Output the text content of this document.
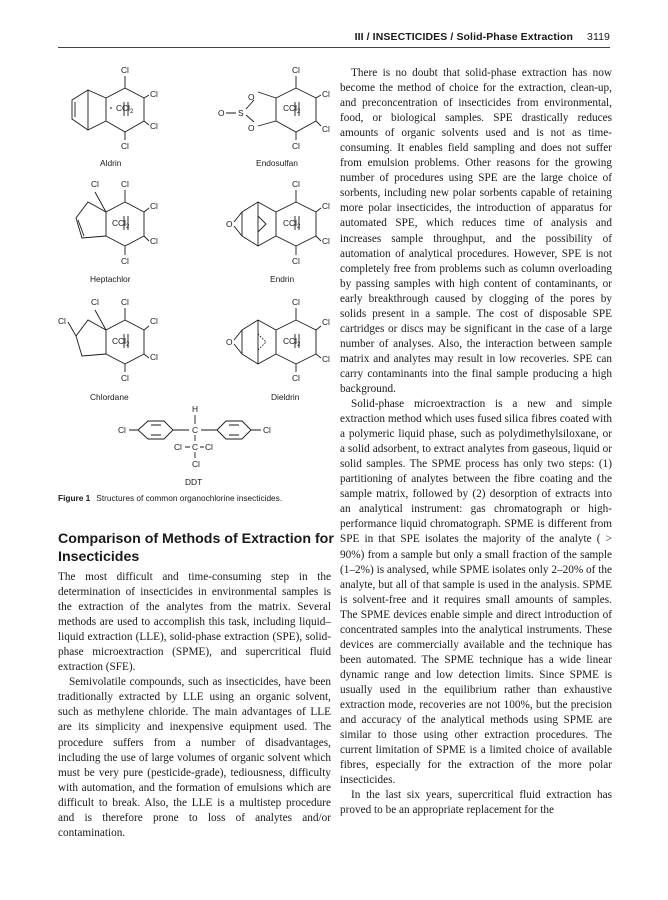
III / INSECTICIDES / Solid-Phase Extraction 3119
Cl
Cl
Cl
Cl
CCl$_2$
Aldrin
Cl
Cl
Cl
Cl
CCl$_2$
O
O
S
O
Endosulfan
Cl	Cl
Cl
Cl
Cl
CCl$_2$
Heptachlor
Cl
Cl
Cl
Cl
CCl$_2$
O
Endrin
Cl	Cl
Cl	Cl
Cl
Cl
CCl$_2$
Chlordane
Cl
Cl
Cl
Cl
CCl$_2$
O
Dieldrin
Cl	Cl
H
C
Cl C Cl
Cl
DDT
Figure 1 Structures of common organochlorine insecticides.
Comparison of Methods of Extraction for Insecticides

The most difficult and time-consuming step in the determination of insecticides in environmental samples is the extraction of the analytes from the matrix. Several methods are used to accomplish this task, including liquid–liquid extraction (LLE), solid-phase extraction (SPE), solid-phase microextraction (SPME), and supercritical fluid extraction (SFE).

Semivolatile compounds, such as insecticides, have been traditionally extracted by LLE using an organic solvent, such as methylene chloride. The main advantages of LLE are its simplicity and inexpensive equipment used. The procedure suffers from a number of disadvantages, including the use of large volumes of organic solvent which must be very pure (pesticide-grade), tediousness, difficulty with automation, and the formation of emulsions which are difficult to break. Also, the LLE is a multistep procedure and is therefore prone to loss of analytes and/or contamination.

There is no doubt that solid-phase extraction has now become the method of choice for the extraction, clean-up, and preconcentration of insecticides from environmental, food, or biological samples. SPE drastically reduces amounts of organic solvents used and is not as time-consuming. It enables field sampling and does not suffer from emulsion problems. Other reasons for the growing number of procedures using SPE are the large choice of sorbents, including new polar sorbents capable of retaining more polar insecticides, the introduction of apparatus for automated SPE, which reduces time of analysis and increases sample throughput, and the possibility of automation of analytical procedures. However, SPE is not completely free from problems such as column overloading by passing samples with high content of contaminants, or early breakthrough caused by clogging of the pores by solids present in a sample. The cost of disposable SPE cartridges or discs may be significant in the case of a large number of analyses. Also, the interaction between sample matrix and analytes may result in low recoveries. SPE can carry contaminants into the final sample producing a high background.

Solid-phase microextraction is a new and simple extraction method which uses fused silica fibres coated with a polymeric liquid phase, such as polydimethylsiloxane, or a solid adsorbent, to extract analytes from gaseous, liquid or solid samples. The SPME process has only two steps: (1) partitioning of analytes between the fibre coating and the sample matrix, followed by (2) desorption of extracts into an analytical instrument: gas chromatograph or high-performance liquid chromatograph. SPME is different from SPE in that SPE isolates the majority of the analyte ( > 90%) from a sample but only a small fraction of the sample (1–2%) is analysed, while SPME isolates only 2–20% of the analyte, but all of that sample is used in the analysis. SPME is solvent-free and it requires small amounts of samples. The SPME devices enable simple and direct introduction of concentrated samples into the analytical instruments. These devices are commercially available and the technique has been automated. The SPME technique has a wide linear dynamic range and low detection limits. Since SPME is usually used in the equilibrium rather than exhaustive extraction mode, recoveries are not 100%, but the precision and accuracy of the analytical methods using SPME are similar to those using other extraction procedures. The current limitation of SPME is a limited choice of available fibres, especially for the extraction of the more polar insecticides.

In the last six years, supercritical fluid extraction has proved to be an appropriate replacement for the
